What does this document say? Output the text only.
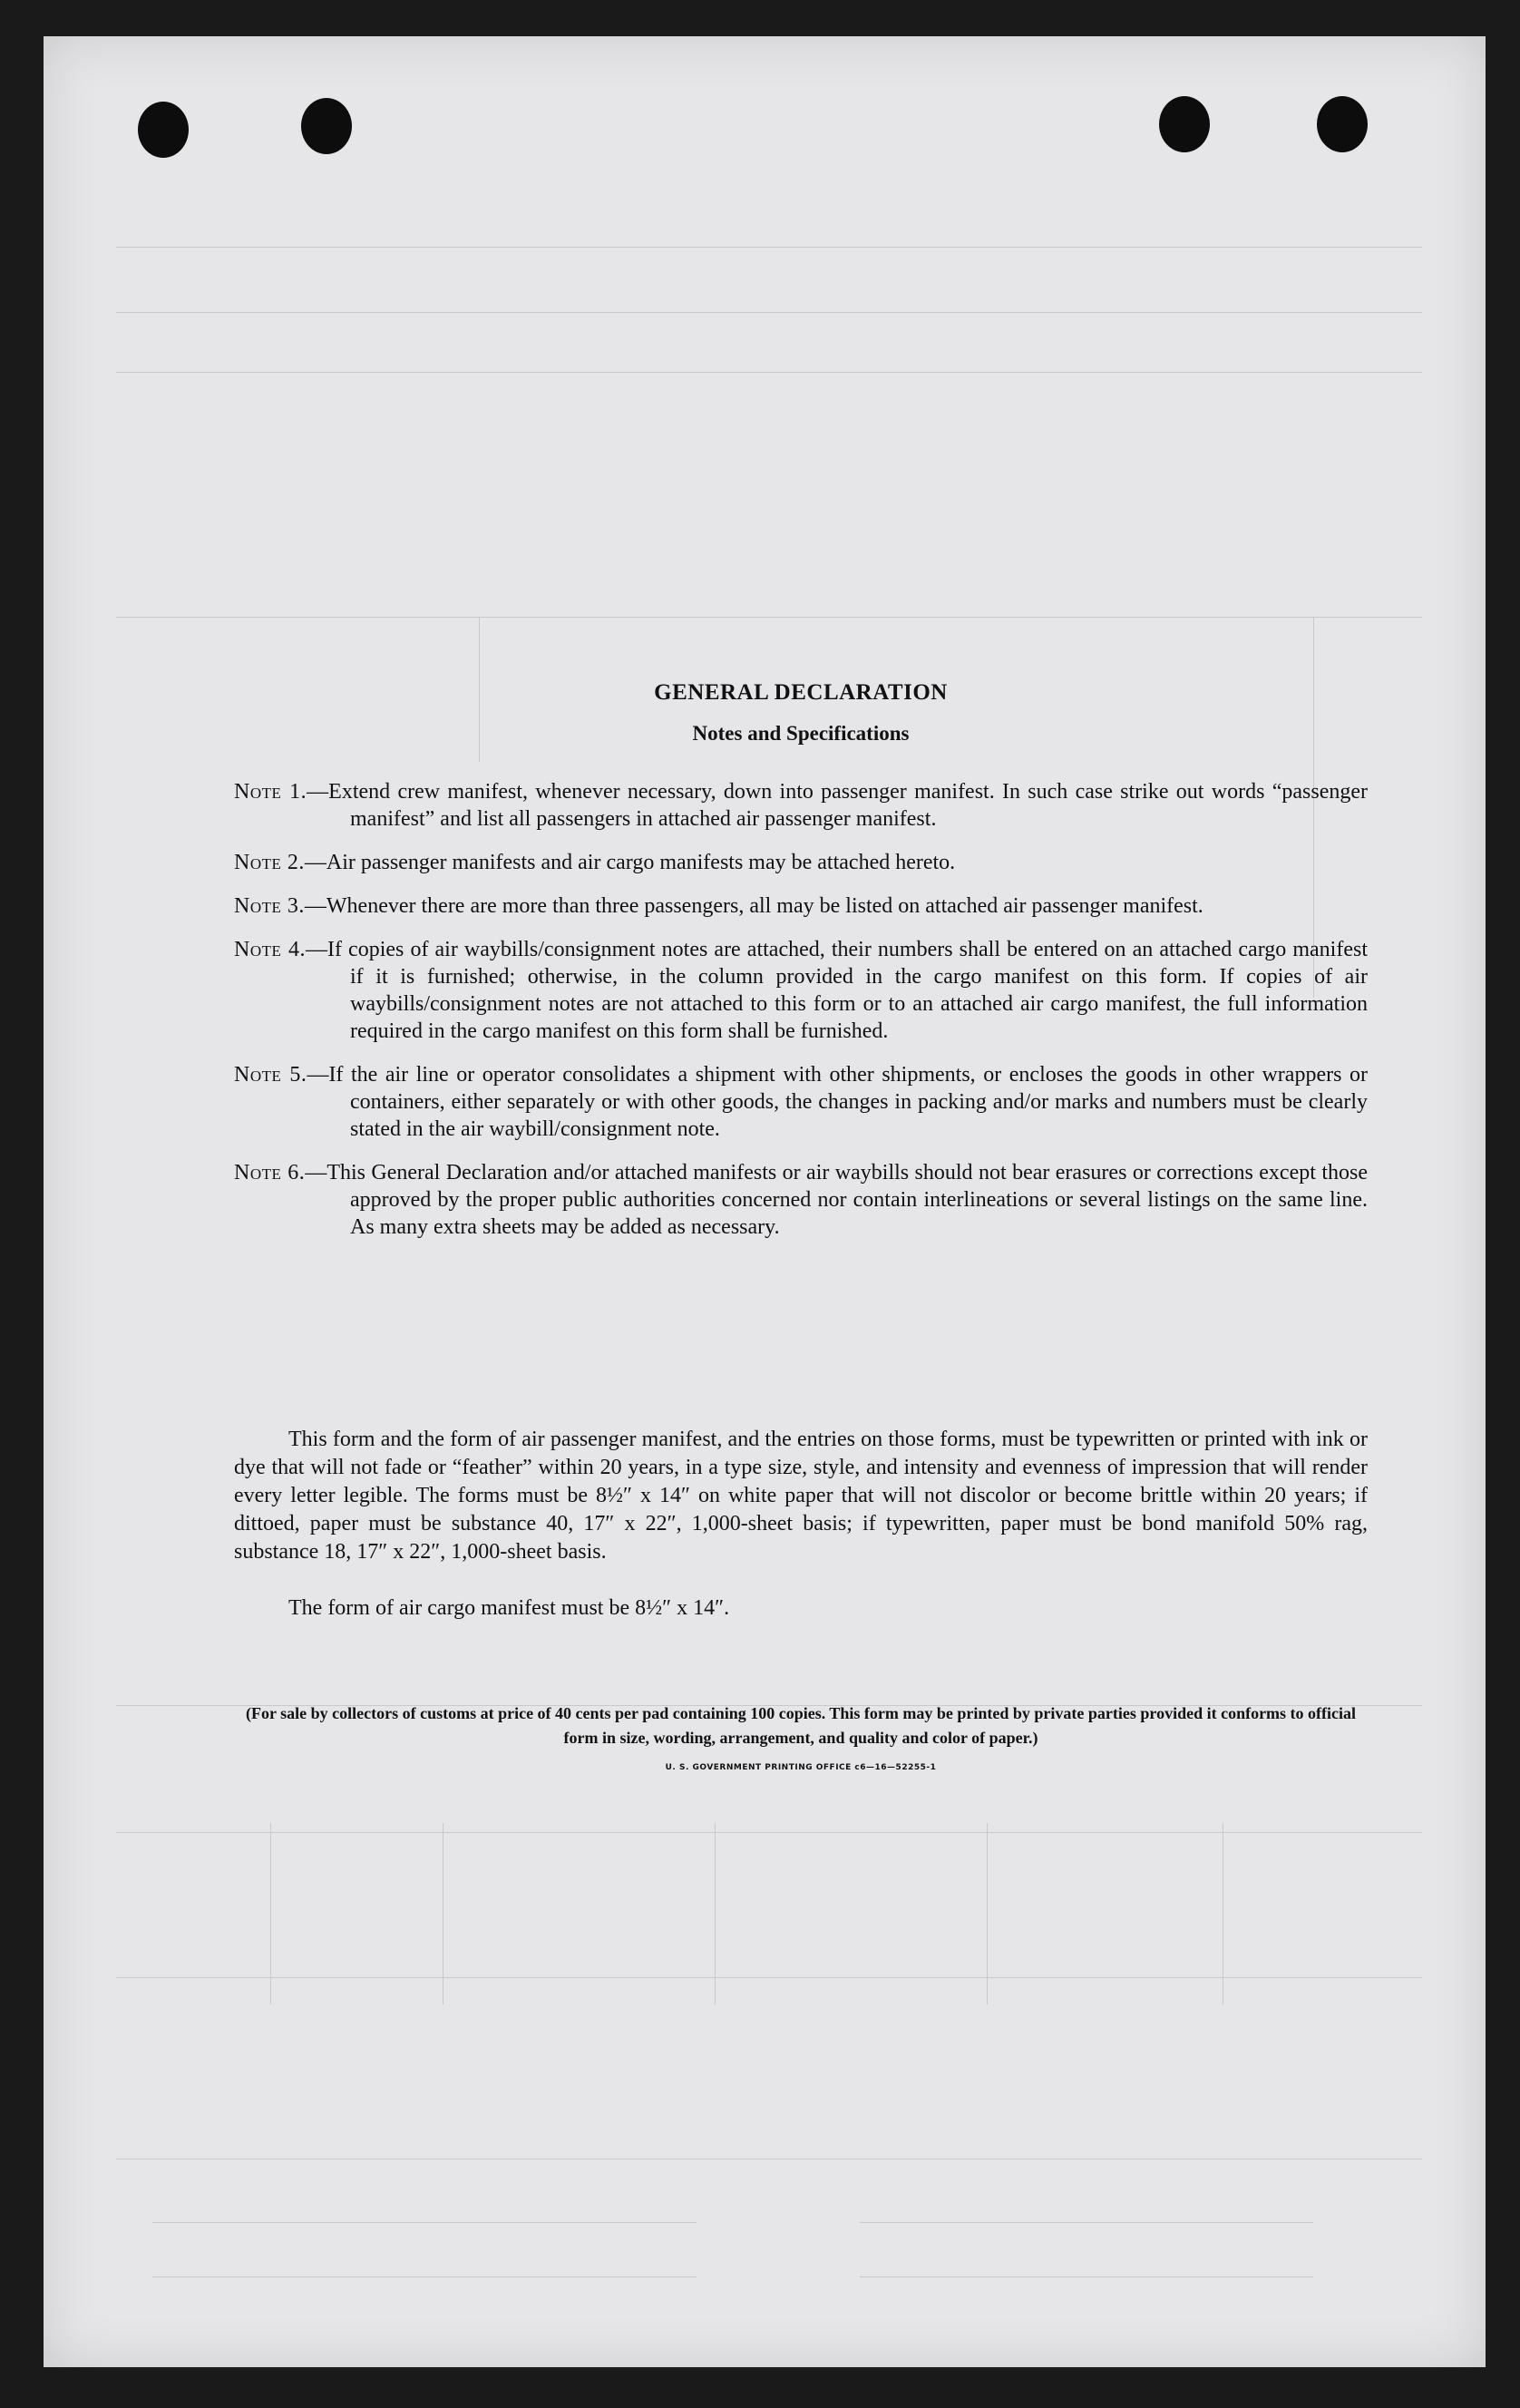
GENERAL DECLARATION
Notes and Specifications
Note 1.—Extend crew manifest, whenever necessary, down into passenger manifest. In such case strike out words “passenger manifest” and list all passengers in attached air passenger manifest.
Note 2.—Air passenger manifests and air cargo manifests may be attached hereto.
Note 3.—Whenever there are more than three passengers, all may be listed on attached air passenger manifest.
Note 4.—If copies of air waybills/consignment notes are attached, their numbers shall be entered on an attached cargo manifest if it is furnished; otherwise, in the column provided in the cargo manifest on this form. If copies of air waybills/consignment notes are not attached to this form or to an attached air cargo manifest, the full information required in the cargo manifest on this form shall be furnished.
Note 5.—If the air line or operator consolidates a shipment with other shipments, or encloses the goods in other wrappers or containers, either separately or with other goods, the changes in packing and/or marks and numbers must be clearly stated in the air waybill/consignment note.
Note 6.—This General Declaration and/or attached manifests or air waybills should not bear erasures or corrections except those approved by the proper public authorities concerned nor contain interlineations or several listings on the same line. As many extra sheets may be added as necessary.

This form and the form of air passenger manifest, and the entries on those forms, must be typewritten or printed with ink or dye that will not fade or “feather” within 20 years, in a type size, style, and intensity and evenness of impression that will render every letter legible. The forms must be 8½″ x 14″ on white paper that will not discolor or become brittle within 20 years; if dittoed, paper must be substance 40, 17″ x 22″, 1,000-sheet basis; if typewritten, paper must be bond manifold 50% rag, substance 18, 17″ x 22″, 1,000-sheet basis.

The form of air cargo manifest must be 8½″ x 14″.

(For sale by collectors of customs at price of 40 cents per pad containing 100 copies. This form may be printed by private parties provided it conforms to official form in size, wording, arrangement, and quality and color of paper.)

U. S. GOVERNMENT PRINTING OFFICE c6—16—52255-1
